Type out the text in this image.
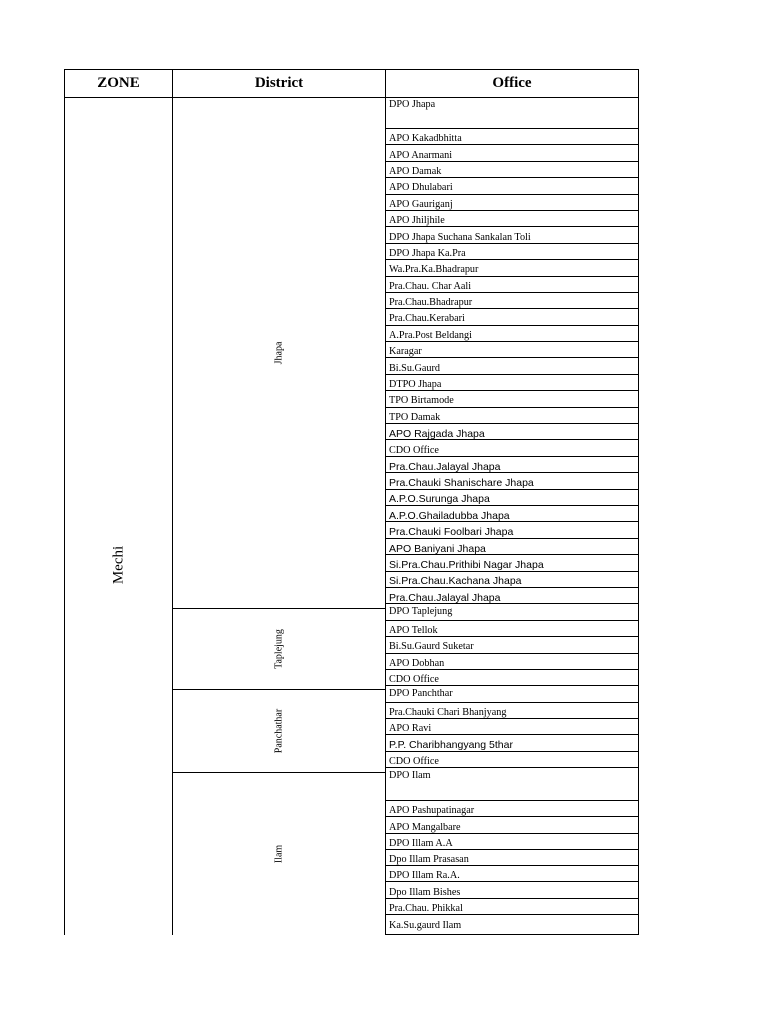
ZONE	District	Office
Mechi
Jhapa
Taplejung
Panchathar
Ilam
DPO Jhapa
APO Kakadbhitta
APO Anarmani
APO Damak
APO Dhulabari
APO Gauriganj
APO Jhiljhile
DPO Jhapa Suchana Sankalan Toli
DPO Jhapa Ka.Pra
Wa.Pra.Ka.Bhadrapur
Pra.Chau. Char Aali
Pra.Chau.Bhadrapur
Pra.Chau.Kerabari
A.Pra.Post Beldangi
Karagar
Bi.Su.Gaurd
DTPO Jhapa
TPO Birtamode
TPO Damak
APO Rajgada Jhapa
CDO Office
Pra.Chau.Jalayal Jhapa
Pra.Chauki Shanischare Jhapa
A.P.O.Surunga Jhapa
A.P.O.Ghailadubba Jhapa
Pra.Chauki Foolbari Jhapa
APO Baniyani Jhapa
Si.Pra.Chau.Prithibi Nagar Jhapa
Si.Pra.Chau.Kachana Jhapa
Pra.Chau.Jalayal Jhapa
DPO Taplejung
APO Tellok
Bi.Su.Gaurd Suketar
APO Dobhan
CDO Office
DPO Panchthar
Pra.Chauki Chari Bhanjyang
APO Ravi
P.P. Charibhangyang 5thar
CDO Office
DPO Ilam
APO Pashupatinagar
APO Mangalbare
DPO Illam A.A
Dpo Illam Prasasan
DPO Illam Ra.A.
Dpo Illam Bishes
Pra.Chau. Phikkal
Ka.Su.gaurd Ilam
